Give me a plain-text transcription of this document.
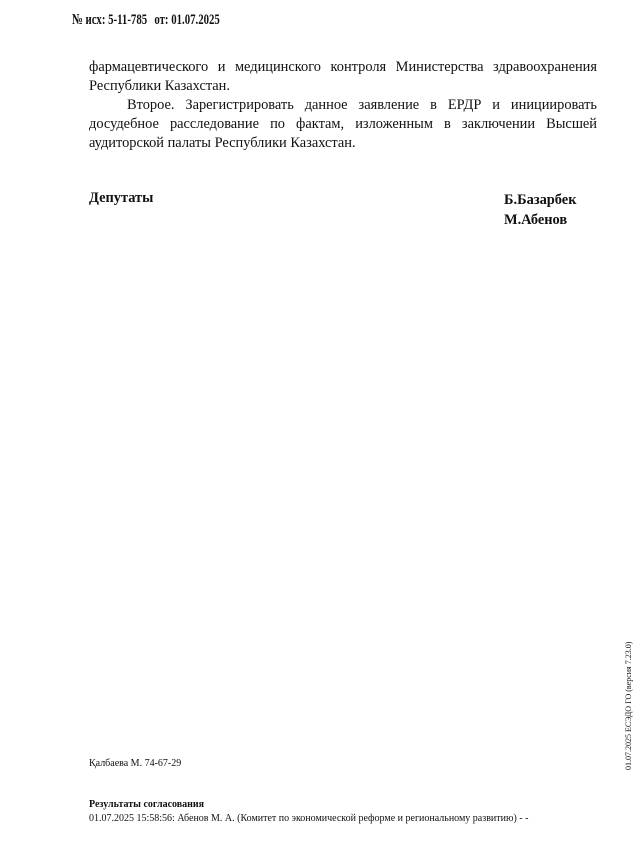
№ исх: 5-11-785 от: 01.07.2025

фармацевтического и медицинского контроля Министерства здравоохранения Республики Казахстан.

Второе. Зарегистрировать данное заявление в ЕРДР и инициировать досудебное расследование по фактам, изложенным в заключении Высшей аудиторской палаты Республики Казахстан.

Депутаты	Б.Базарбек
М.Абенов
Қалбаева М. 74-67-29
Результаты согласования
01.07.2025 15:58:56: Абенов М. А. (Комитет по экономической реформе и региональному развитию) - -
01.07.2025 ЕСЭДО ГО (версия 7.23.0)
